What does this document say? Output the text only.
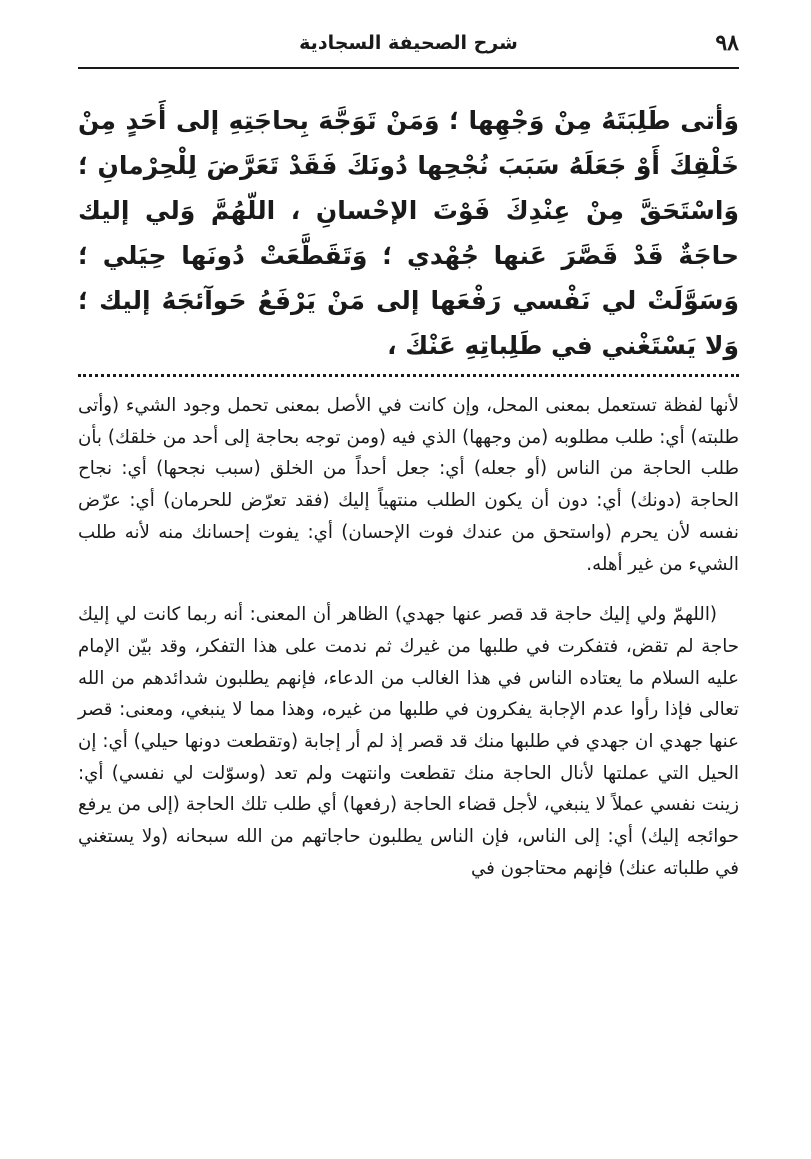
٩٨
شرح الصحيفة السجادية
وَأتى طَلِبَتَهُ مِنْ وَجْهِها ؛ وَمَنْ تَوَجَّهَ بِحاجَتِهِ إلى أَحَدٍ مِنْ خَلْقِكَ أَوْ جَعَلَهُ سَبَبَ نُجْحِها دُونَكَ فَقَدْ تَعَرَّضَ لِلْحِرْمانِ ؛ وَاسْتَحَقَّ مِنْ عِنْدِكَ فَوْتَ الإحْسانِ ، اللّهُمَّ وَلي إليك حاجَةٌ قَدْ قَصَّرَ عَنها جُهْدي ؛ وَتَقَطَّعَتْ دُونَها حِيَلي ؛ وَسَوَّلَتْ لي نَفْسي رَفْعَها إلى مَنْ يَرْفَعُ حَوآئجَهُ إليك ؛ وَلا يَسْتَغْني في طَلِباتِهِ عَنْكَ ،

لأنها لفظة تستعمل بمعنى المحل، وإن كانت في الأصل بمعنى تحمل وجود الشيء (وأتى طلبته) أي: طلب مطلوبه (من وجهها) الذي فيه (ومن توجه بحاجة إلى أحد من خلقك) بأن طلب الحاجة من الناس (أو جعله) أي: جعل أحداً من الخلق (سبب نجحها) أي: نجاح الحاجة (دونك) أي: دون أن يكون الطلب منتهياً إليك (فقد تعرّض للحرمان) أي: عرّض نفسه لأن يحرم (واستحق من عندك فوت الإحسان) أي: يفوت إحسانك منه لأنه طلب الشيء من غير أهله.

(اللهمّ ولي إليك حاجة قد قصر عنها جهدي) الظاهر أن المعنى: أنه ربما كانت لي إليك حاجة لم تقض، فتفكرت في طلبها من غيرك ثم ندمت على هذا التفكر، وقد بيّن الإمام عليه السلام ما يعتاده الناس في هذا الغالب من الدعاء، فإنهم يطلبون شدائدهم من الله تعالى فإذا رأوا عدم الإجابة يفكرون في طلبها من غيره، وهذا مما لا ينبغي، ومعنى: قصر عنها جهدي ان جهدي في طلبها منك قد قصر إذ لم أر إجابة (وتقطعت دونها حيلي) أي: إن الحيل التي عملتها لأنال الحاجة منك تقطعت وانتهت ولم تعد (وسوّلت لي نفسي) أي: زينت نفسي عملاً لا ينبغي، لأجل قضاء الحاجة (رفعها) أي طلب تلك الحاجة (إلى من يرفع حوائجه إليك) أي: إلى الناس، فإن الناس يطلبون حاجاتهم من الله سبحانه (ولا يستغني في طلباته عنك) فإنهم محتاجون في
